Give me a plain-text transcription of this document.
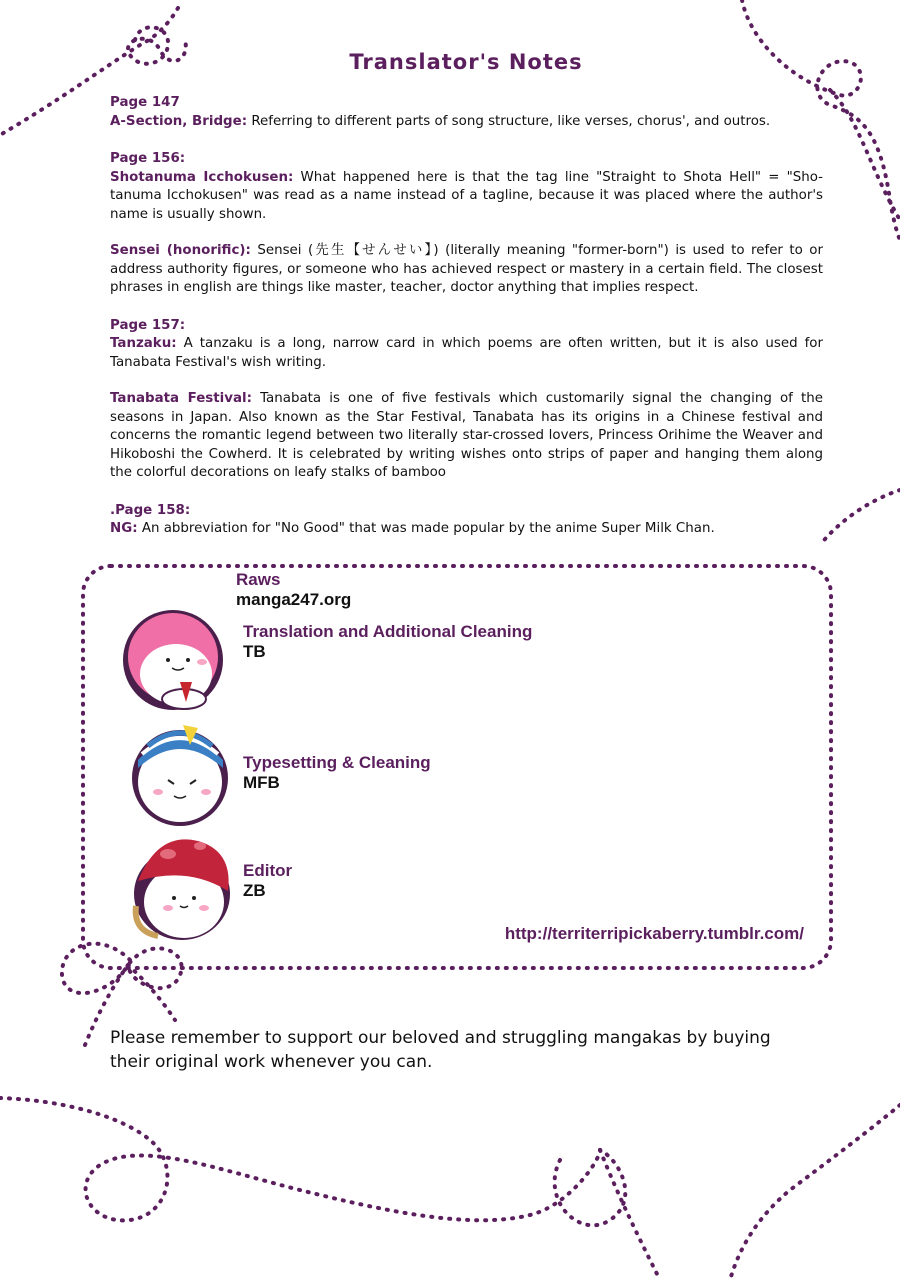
Translator's Notes
Page 147

A-Section, Bridge: Referring to different parts of song structure, like verses, chorus', and outros.

Page 156:

Shotanuma Icchokusen: What happened here is that the tag line "Straight to Shota Hell" = "Sho-tanuma Icchokusen" was read as a name instead of a tagline, because it was placed where the author's name is usually shown.

Sensei (honorific): Sensei (先生【せんせい】) (literally meaning "former-born") is used to refer to or address authority figures, or someone who has achieved respect or mastery in a certain field. The closest phrases in english are things like master, teacher, doctor anything that implies respect.

Page 157:

Tanzaku: A tanzaku is a long, narrow card in which poems are often written, but it is also used for Tanabata Festival's wish writing.

Tanabata Festival: Tanabata is one of five festivals which customarily signal the changing of the seasons in Japan. Also known as the Star Festival, Tanabata has its origins in a Chinese festival and concerns the romantic legend between two literally star-crossed lovers, Princess Orihime the Weaver and Hikoboshi the Cowherd. It is celebrated by writing wishes onto strips of paper and hanging them along the colorful decorations on leafy stalks of bamboo

.Page 158:

NG: An abbreviation for "No Good" that was made popular by the anime Super Milk Chan.

Raws
manga247.org
Translation and Additional Cleaning
TB
Typesetting & Cleaning
MFB
Editor
ZB
http://territerripickaberry.tumblr.com/
Please remember to support our beloved and struggling mangakas by buying their original work whenever you can.
